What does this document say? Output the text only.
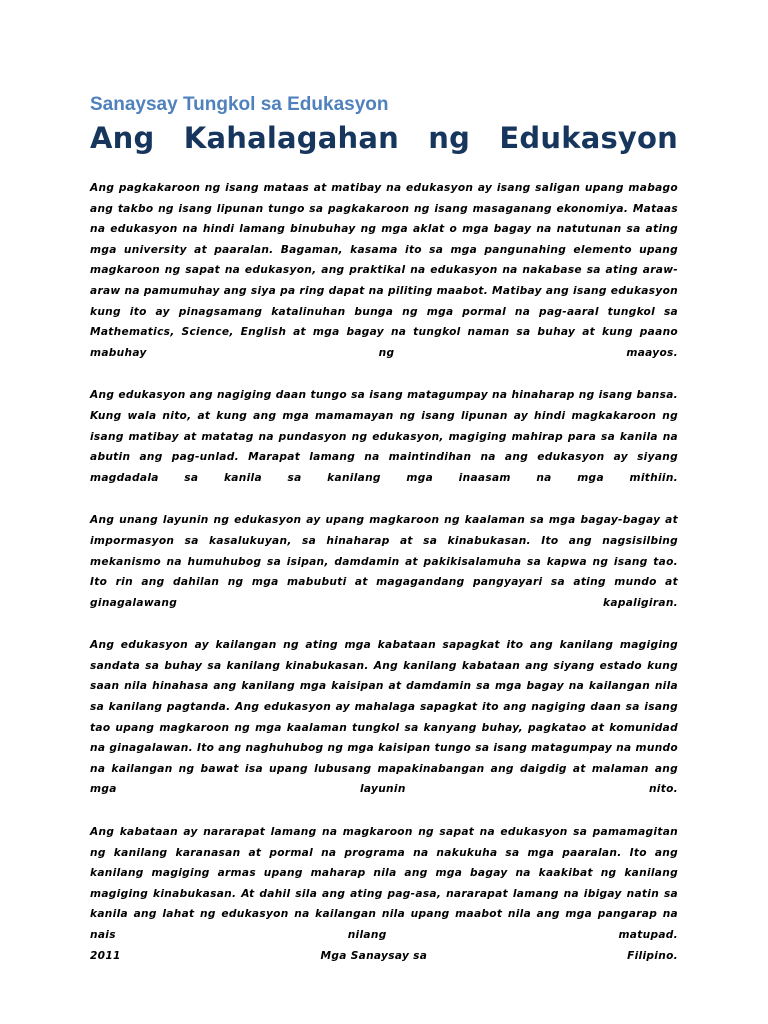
Sanaysay Tungkol sa Edukasyon
Ang Kahalagahan ng Edukasyon

Ang pagkakaroon ng isang mataas at matibay na edukasyon ay isang saligan upang mabago ang takbo ng isang lipunan tungo sa pagkakaroon ng isang masaganang ekonomiya. Mataas na edukasyon na hindi lamang binubuhay ng mga aklat o mga bagay na natutunan sa ating mga university at paaralan. Bagaman, kasama ito sa mga pangunahing elemento upang magkaroon ng sapat na edukasyon, ang praktikal na edukasyon na nakabase sa ating araw-araw na pamumuhay ang siya pa ring dapat na piliting maabot. Matibay ang isang edukasyon kung ito ay pinagsamang katalinuhan bunga ng mga pormal na pag-aaral tungkol sa Mathematics, Science, English at mga bagay na tungkol naman sa buhay at kung paano mabuhay ng maayos.

Ang edukasyon ang nagiging daan tungo sa isang matagumpay na hinaharap ng isang bansa. Kung wala nito, at kung ang mga mamamayan ng isang lipunan ay hindi magkakaroon ng isang matibay at matatag na pundasyon ng edukasyon, magiging mahirap para sa kanila na abutin ang pag-unlad. Marapat lamang na maintindihan na ang edukasyon ay siyang magdadala sa kanila sa kanilang mga inaasam na mga mithiin.

Ang unang layunin ng edukasyon ay upang magkaroon ng kaalaman sa mga bagay-bagay at impormasyon sa kasalukuyan, sa hinaharap at sa kinabukasan. Ito ang nagsisilbing mekanismo na humuhubog sa isipan, damdamin at pakikisalamuha sa kapwa ng isang tao. Ito rin ang dahilan ng mga mabubuti at magagandang pangyayari sa ating mundo at ginagalawang kapaligiran.

Ang edukasyon ay kailangan ng ating mga kabataan sapagkat ito ang kanilang magiging sandata sa buhay sa kanilang kinabukasan. Ang kanilang kabataan ang siyang estado kung saan nila hinahasa ang kanilang mga kaisipan at damdamin sa mga bagay na kailangan nila sa kanilang pagtanda. Ang edukasyon ay mahalaga sapagkat ito ang nagiging daan sa isang tao upang magkaroon ng mga kaalaman tungkol sa kanyang buhay, pagkatao at komunidad na ginagalawan. Ito ang naghuhubog ng mga kaisipan tungo sa isang matagumpay na mundo na kailangan ng bawat isa upang lubusang mapakinabangan ang daigdig at malaman ang mga layunin nito.

Ang kabataan ay nararapat lamang na magkaroon ng sapat na edukasyon sa pamamagitan ng kanilang karanasan at pormal na programa na nakukuha sa mga paaralan. Ito ang kanilang magiging armas upang maharap nila ang mga bagay na kaakibat ng kanilang magiging kinabukasan. At dahil sila ang ating pag-asa, nararapat lamang na ibigay natin sa kanila ang lahat ng edukasyon na kailangan nila upang maabot nila ang mga pangarap na nais nilang matupad.

2011	Mga Sanaysay sa	Filipino.
